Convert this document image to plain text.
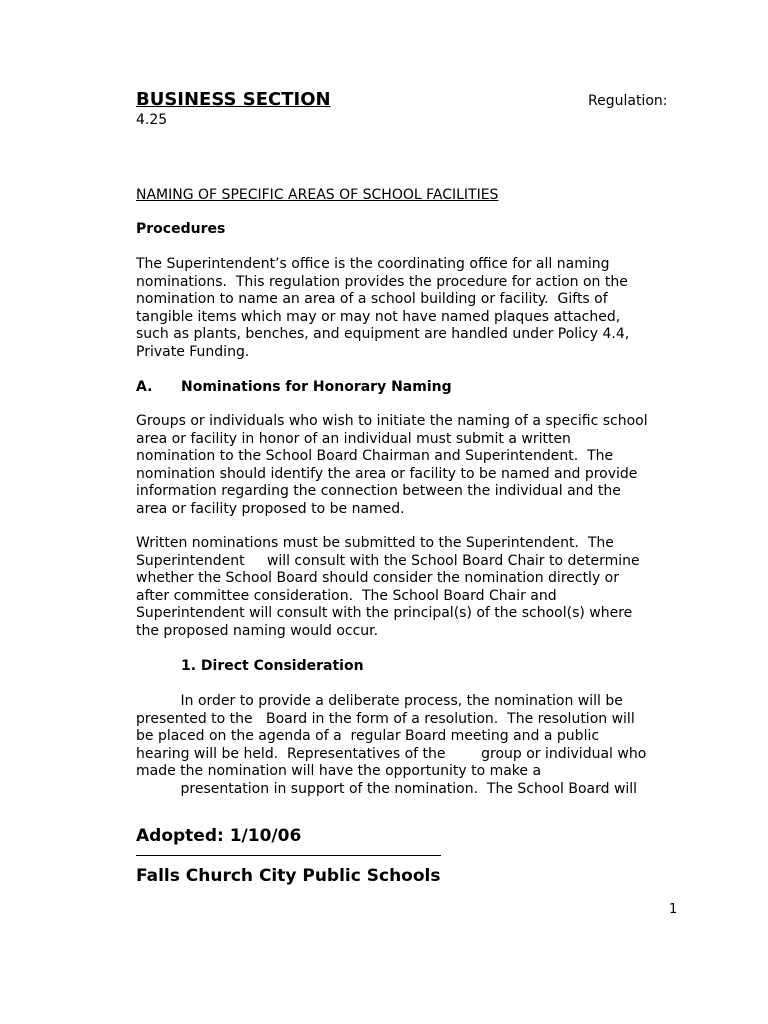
BUSINESS SECTION	Regulation:
4.25
NAMING OF SPECIFIC AREAS OF SCHOOL FACILITIES
Procedures
The Superintendent’s office is the coordinating office for all naming
nominations.  This regulation provides the procedure for action on the
nomination to name an area of a school building or facility.  Gifts of
tangible items which may or may not have named plaques attached,
such as plants, benches, and equipment are handled under Policy 4.4,
Private Funding.
A. Nominations for Honorary Naming
Groups or individuals who wish to initiate the naming of a specific school
area or facility in honor of an individual must submit a written
nomination to the School Board Chairman and Superintendent.  The
nomination should identify the area or facility to be named and provide
information regarding the connection between the individual and the
area or facility proposed to be named.
Written nominations must be submitted to the Superintendent.  The
Superintendent     will consult with the School Board Chair to determine
whether the School Board should consider the nomination directly or
after committee consideration.  The School Board Chair and
Superintendent will consult with the principal(s) of the school(s) where
the proposed naming would occur.
1. Direct Consideration
In order to provide a deliberate process, the nomination will be
presented to the   Board in the form of a resolution.  The resolution will
be placed on the agenda of a  regular Board meeting and a public
hearing will be held.  Representatives of the        group or individual who
made the nomination will have the opportunity to make a
presentation in support of the nomination.  The School Board will
Adopted: 1/10/06
Falls Church City Public Schools
1
